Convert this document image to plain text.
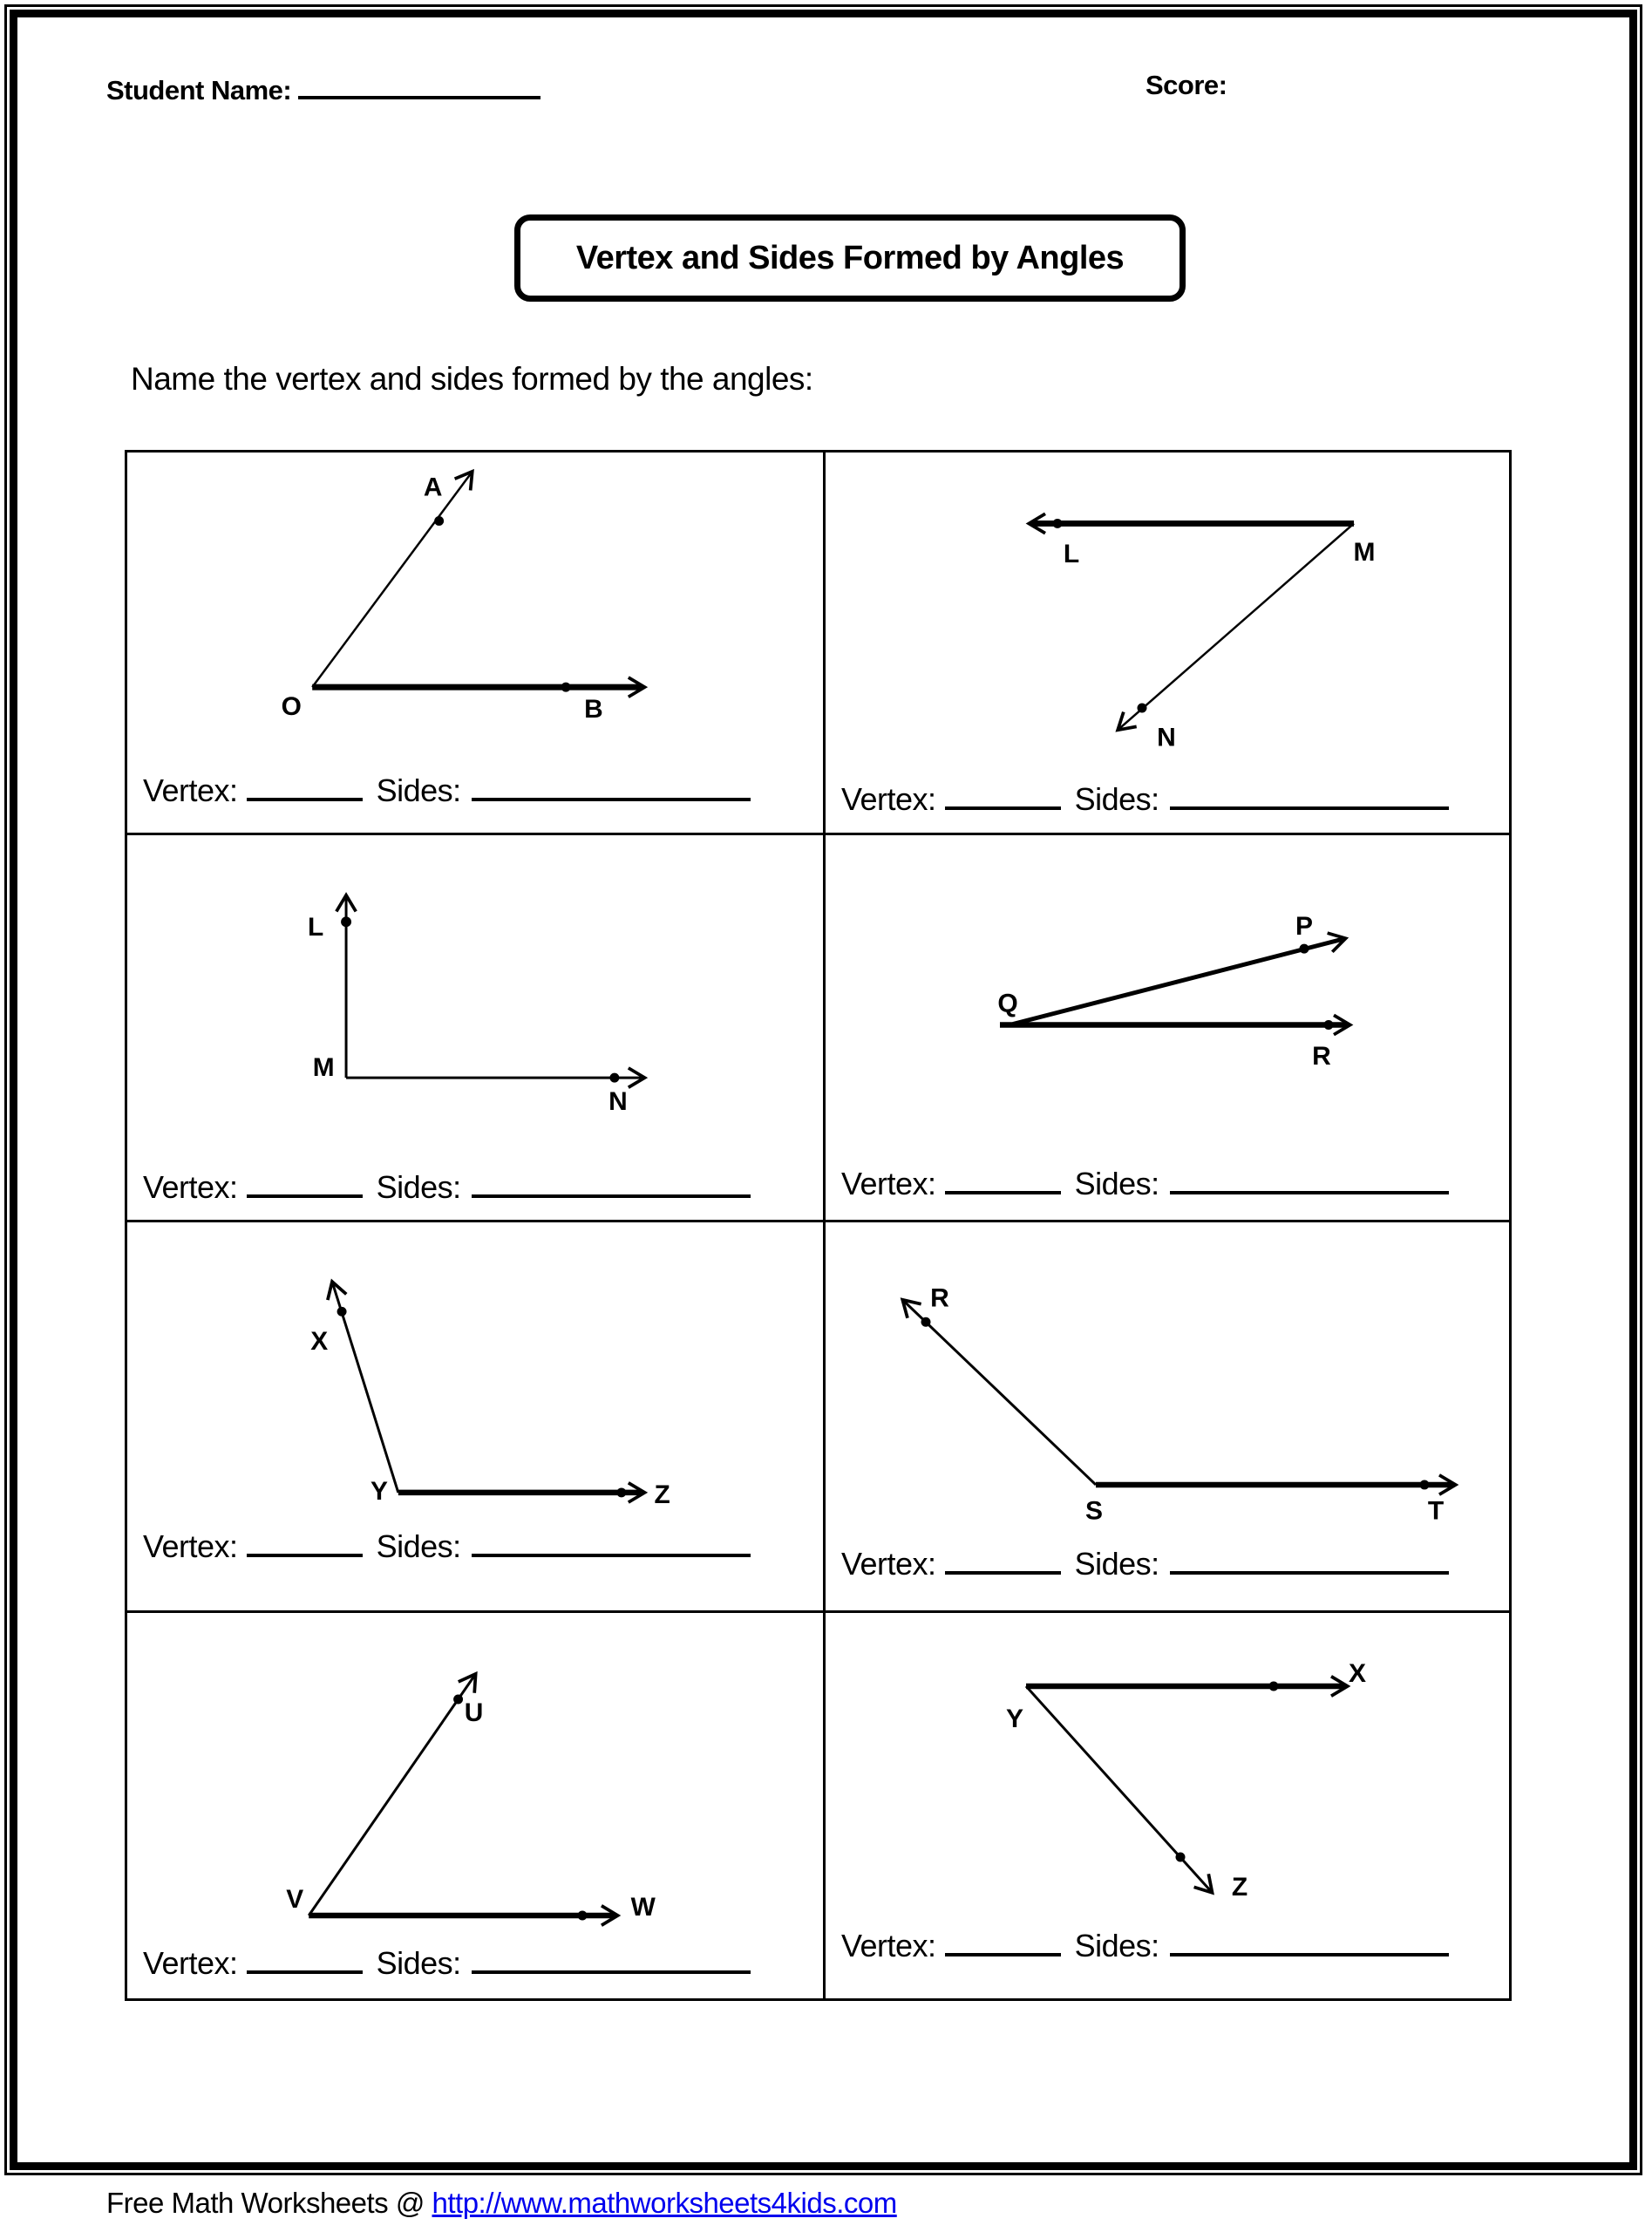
Student Name:	Score:
Vertex and Sides Formed by Angles
Name the vertex and sides formed by the angles:
A
O	B
Vertex:	Sides:
L	M
N
Vertex:	Sides:
L
M
N
Vertex:	Sides:
P
Q
R
Vertex:	Sides:
X
Y	Z
Vertex:	Sides:
R
S	T
Vertex:	Sides:
U
V	W
Vertex:	Sides:
X
Y
Z
Vertex:	Sides:
Free Math Worksheets @ http://www.mathworksheets4kids.com
